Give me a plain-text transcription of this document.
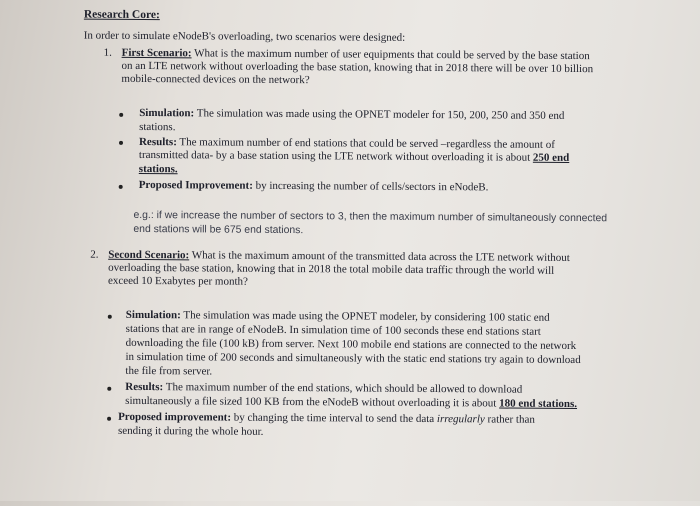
Research Core:
In order to simulate eNodeB's overloading, two scenarios were designed:
1. First Scenario: What is the maximum number of user equipments that could be served by the base station
on an LTE network without overloading the base station, knowing that in 2018 there will be over 10 billion
mobile-connected devices on the network?
Simulation: The simulation was made using the OPNET modeler for 150, 200, 250 and 350 end
stations.
Results: The maximum number of end stations that could be served –regardless the amount of
transmitted data- by a base station using the LTE network without overloading it is about 250 end
stations.
Proposed Improvement: by increasing the number of cells/sectors in eNodeB.
e.g.: if we increase the number of sectors to 3, then the maximum number of simultaneously connected
end stations will be 675 end stations.
2. Second Scenario: What is the maximum amount of the transmitted data across the LTE network without
overloading the base station, knowing that in 2018 the total mobile data traffic through the world will
exceed 10 Exabytes per month?
Simulation: The simulation was made using the OPNET modeler, by considering 100 static end
stations that are in range of eNodeB. In simulation time of 100 seconds these end stations start
downloading the file (100 kB) from server. Next 100 mobile end stations are connected to the network
in simulation time of 200 seconds and simultaneously with the static end stations try again to download
the file from server.
Results: The maximum number of the end stations, which should be allowed to download
simultaneously a file sized 100 KB from the eNodeB without overloading it is about 180 end stations.
Proposed improvement: by changing the time interval to send the data irregularly rather than
sending it during the whole hour.
